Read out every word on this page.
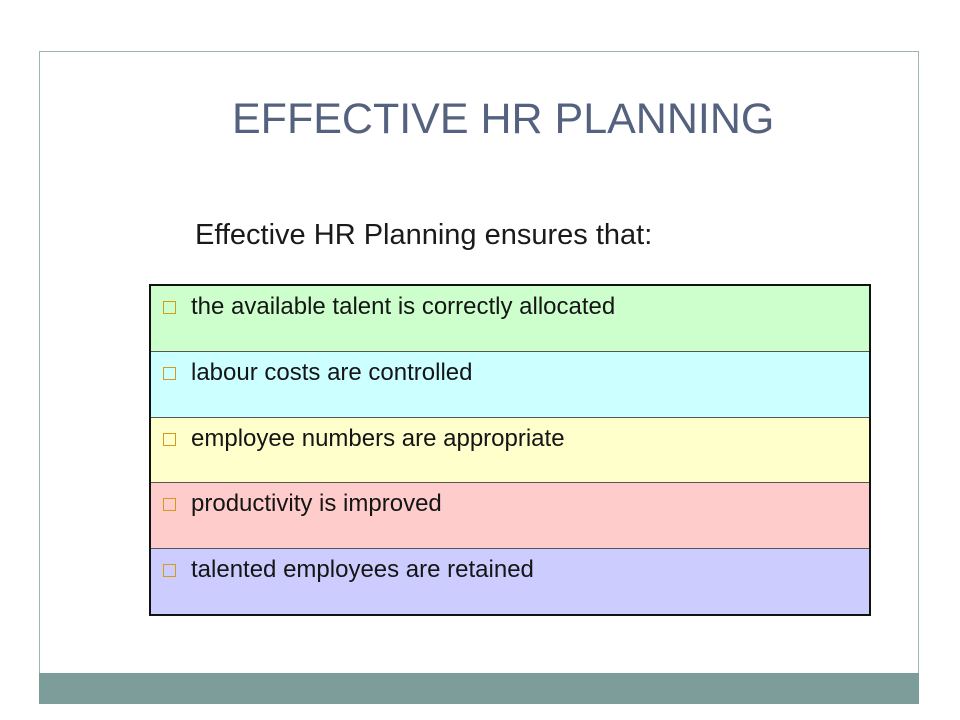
EFFECTIVE HR PLANNING
Effective HR Planning ensures that:
the available talent is correctly allocated
labour costs are controlled
employee numbers are appropriate
productivity is improved
talented employees are retained
